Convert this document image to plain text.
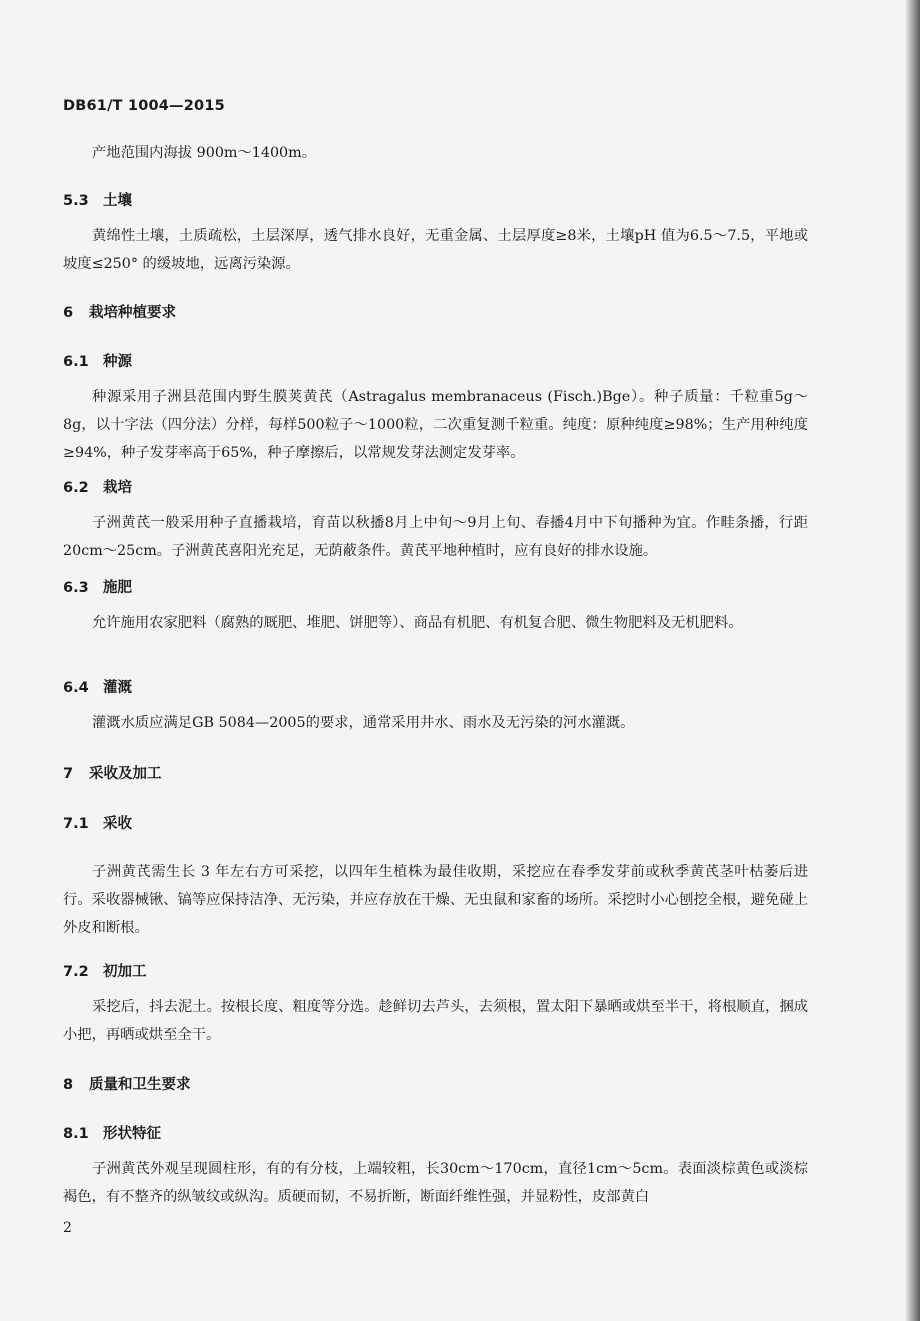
DB61/T 1004—2015

产地范围内海拔 900m～1400m。

5.3 土壤

黄绵性土壤，土质疏松，土层深厚，透气排水良好，无重金属、土层厚度≥8米，土壤pH 值为6.5～7.5，平地或坡度≤250° 的缓坡地，远离污染源。

6 栽培种植要求

6.1 种源

种源采用子洲县范围内野生膜荚黄芪（Astragalus membranaceus (Fisch.)Bge）。种子质量：千粒重5g～8g，以十字法（四分法）分样，每样500粒子～1000粒，二次重复测千粒重。纯度：原种纯度≥98%；生产用种纯度≥94%，种子发芽率高于65%，种子摩擦后，以常规发芽法测定发芽率。

6.2 栽培

子洲黄芪一般采用种子直播栽培，育苗以秋播8月上中旬～9月上旬、春播4月中下旬播种为宜。作畦条播，行距20cm～25cm。子洲黄芪喜阳光充足，无荫蔽条件。黄芪平地种植时，应有良好的排水设施。

6.3 施肥

允许施用农家肥料（腐熟的厩肥、堆肥、饼肥等）、商品有机肥、有机复合肥、微生物肥料及无机肥料。

6.4 灌溉

灌溉水质应满足GB 5084—2005的要求，通常采用井水、雨水及无污染的河水灌溉。

7 采收及加工

7.1 采收

子洲黄芪需生长 3 年左右方可采挖，以四年生植株为最佳收期，采挖应在春季发芽前或秋季黄芪茎叶枯萎后进行。采收器械锹、镐等应保持洁净、无污染，并应存放在干燥、无虫鼠和家畜的场所。采挖时小心刨挖全根，避免碰上外皮和断根。

7.2 初加工

采挖后，抖去泥土。按根长度、粗度等分选。趁鲜切去芦头，去须根，置太阳下暴晒或烘至半干，将根顺直，捆成小把，再晒或烘至全干。

8 质量和卫生要求

8.1 形状特征

子洲黄芪外观呈现圆柱形，有的有分枝，上端较粗，长30cm～170cm，直径1cm～5cm。表面淡棕黄色或淡棕褐色，有不整齐的纵皱纹或纵沟。质硬而韧，不易折断，断面纤维性强，并显粉性，皮部黄白

2
